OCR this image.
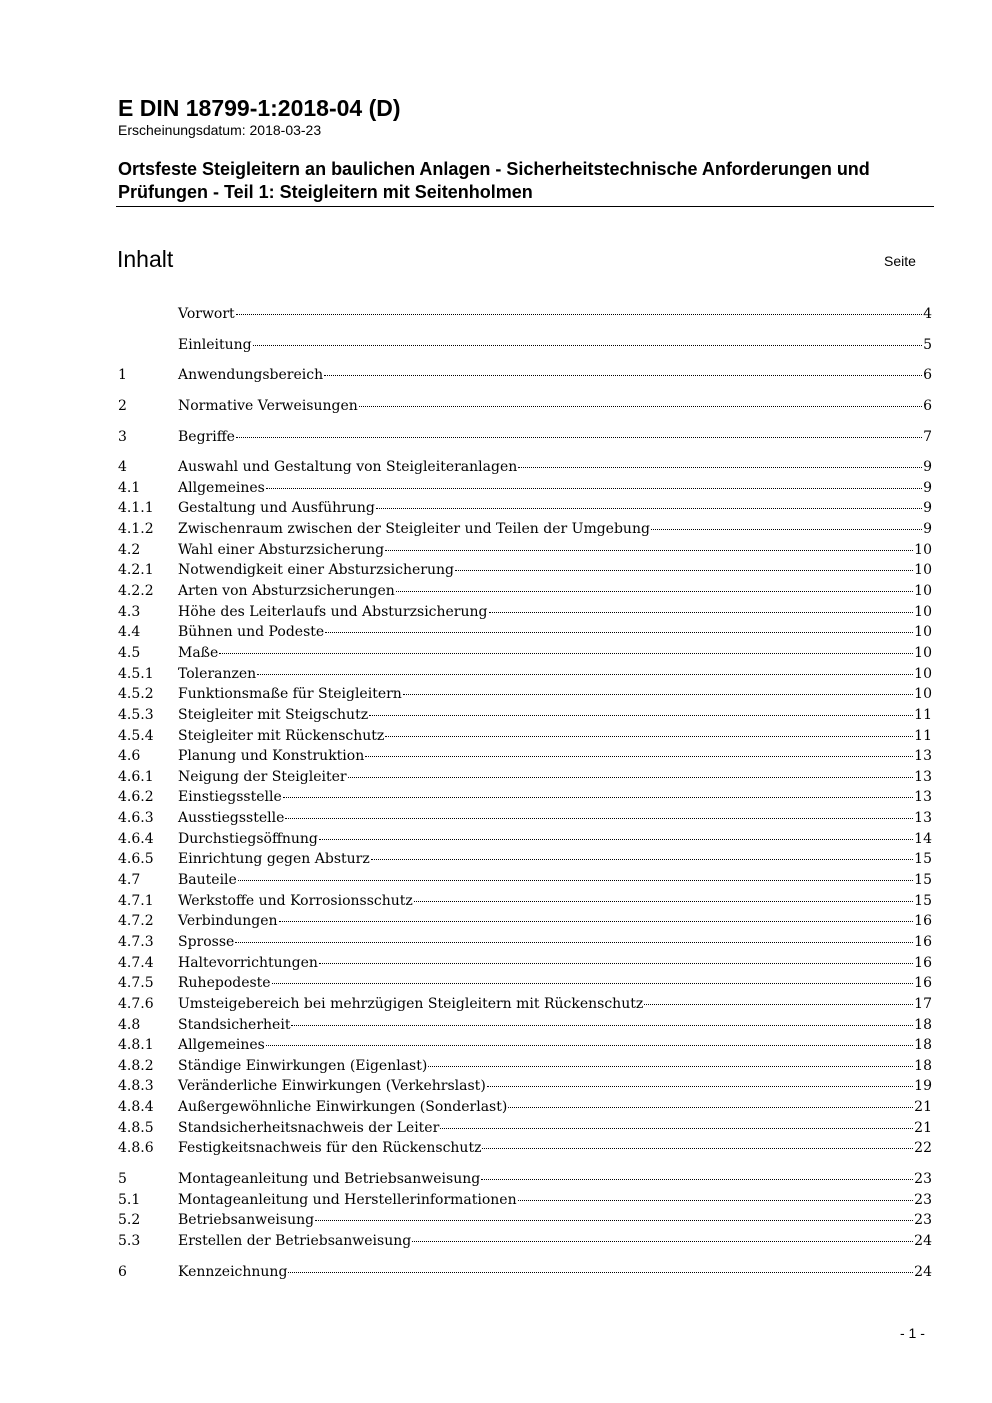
E DIN 18799-1:2018-04 (D)
Erscheinungsdatum: 2018-03-23
Ortsfeste Steigleitern an baulichen Anlagen - Sicherheitstechnische Anforderungen und Prüfungen - Teil 1: Steigleitern mit Seitenholmen
Inhalt	Seite
Vorwort	4
Einleitung	5
1	Anwendungsbereich	6
2	Normative Verweisungen	6
3	Begriffe	7
4	Auswahl und Gestaltung von Steigleiteranlagen	9
4.1	Allgemeines	9
4.1.1	Gestaltung und Ausführung	9
4.1.2	Zwischenraum zwischen der Steigleiter und Teilen der Umgebung	9
4.2	Wahl einer Absturzsicherung	10
4.2.1	Notwendigkeit einer Absturzsicherung	10
4.2.2	Arten von Absturzsicherungen	10
4.3	Höhe des Leiterlaufs und Absturzsicherung	10
4.4	Bühnen und Podeste	10
4.5	Maße	10
4.5.1	Toleranzen	10
4.5.2	Funktionsmaße für Steigleitern	10
4.5.3	Steigleiter mit Steigschutz	11
4.5.4	Steigleiter mit Rückenschutz	11
4.6	Planung und Konstruktion	13
4.6.1	Neigung der Steigleiter	13
4.6.2	Einstiegsstelle	13
4.6.3	Ausstiegsstelle	13
4.6.4	Durchstiegsöffnung	14
4.6.5	Einrichtung gegen Absturz	15
4.7	Bauteile	15
4.7.1	Werkstoffe und Korrosionsschutz	15
4.7.2	Verbindungen	16
4.7.3	Sprosse	16
4.7.4	Haltevorrichtungen	16
4.7.5	Ruhepodeste	16
4.7.6	Umsteigebereich bei mehrzügigen Steigleitern mit Rückenschutz	17
4.8	Standsicherheit	18
4.8.1	Allgemeines	18
4.8.2	Ständige Einwirkungen (Eigenlast)	18
4.8.3	Veränderliche Einwirkungen (Verkehrslast)	19
4.8.4	Außergewöhnliche Einwirkungen (Sonderlast)	21
4.8.5	Standsicherheitsnachweis der Leiter	21
4.8.6	Festigkeitsnachweis für den Rückenschutz	22
5	Montageanleitung und Betriebsanweisung	23
5.1	Montageanleitung und Herstellerinformationen	23
5.2	Betriebsanweisung	23
5.3	Erstellen der Betriebsanweisung	24
6	Kennzeichnung	24
- 1 -
